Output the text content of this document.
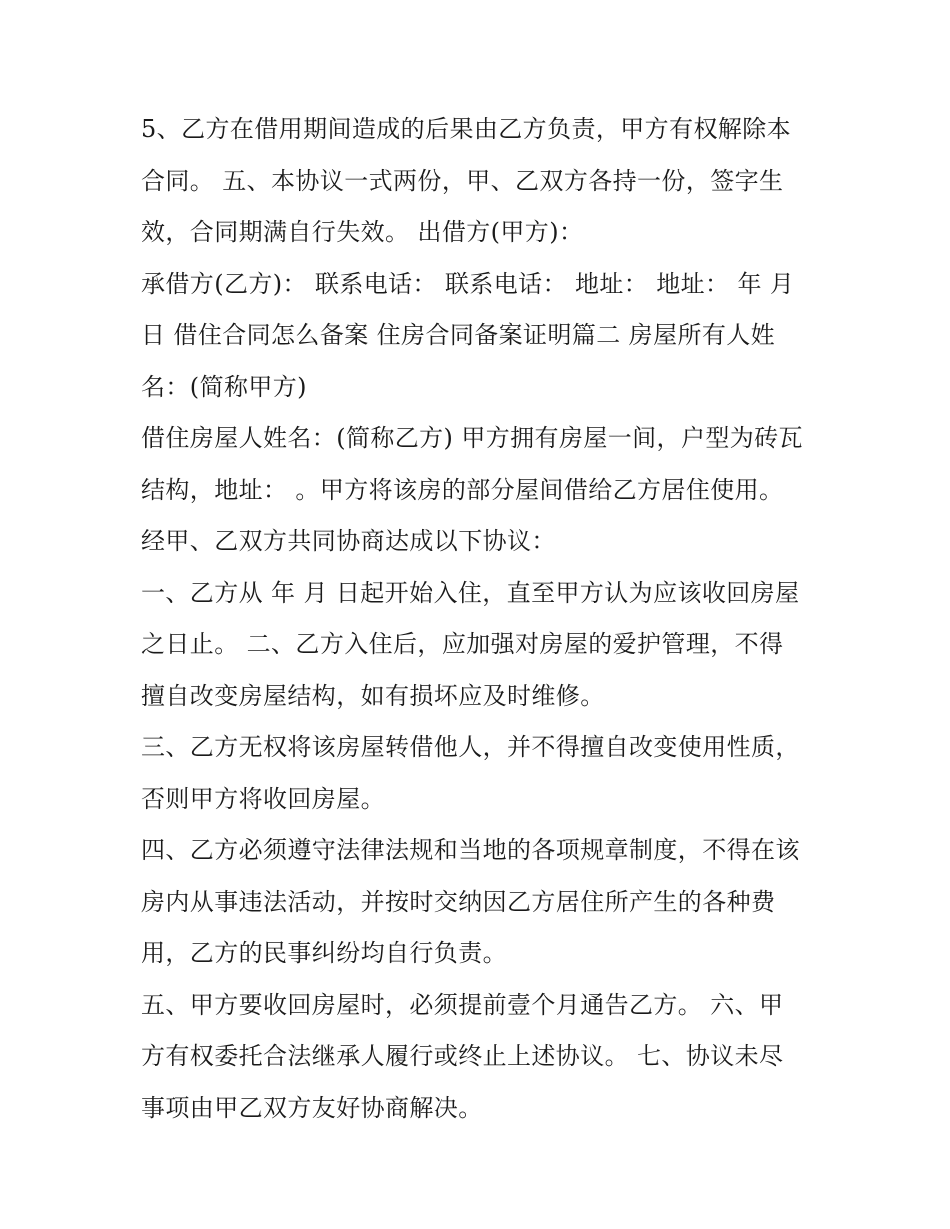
5、乙方在借用期间造成的后果由乙方负责，甲方有权解除本
合同。 五、本协议一式两份，甲、乙双方各持一份，签字生
效，合同期满自行失效。 出借方(甲方)：
承借方(乙方)： 联系电话： 联系电话： 地址： 地址： 年 月
日 借住合同怎么备案 住房合同备案证明篇二 房屋所有人姓
名：(简称甲方)
借住房屋人姓名：(简称乙方) 甲方拥有房屋一间，户型为砖瓦
结构，地址： 。甲方将该房的部分屋间借给乙方居住使用。
经甲、乙双方共同协商达成以下协议：
一、乙方从 年 月 日起开始入住，直至甲方认为应该收回房屋
之日止。 二、乙方入住后，应加强对房屋的爱护管理，不得
擅自改变房屋结构，如有损坏应及时维修。
三、乙方无权将该房屋转借他人，并不得擅自改变使用性质，
否则甲方将收回房屋。
四、乙方必须遵守法律法规和当地的各项规章制度，不得在该
房内从事违法活动，并按时交纳因乙方居住所产生的各种费
用，乙方的民事纠纷均自行负责。
五、甲方要收回房屋时，必须提前壹个月通告乙方。 六、甲
方有权委托合法继承人履行或终止上述协议。 七、协议未尽
事项由甲乙双方友好协商解决。
